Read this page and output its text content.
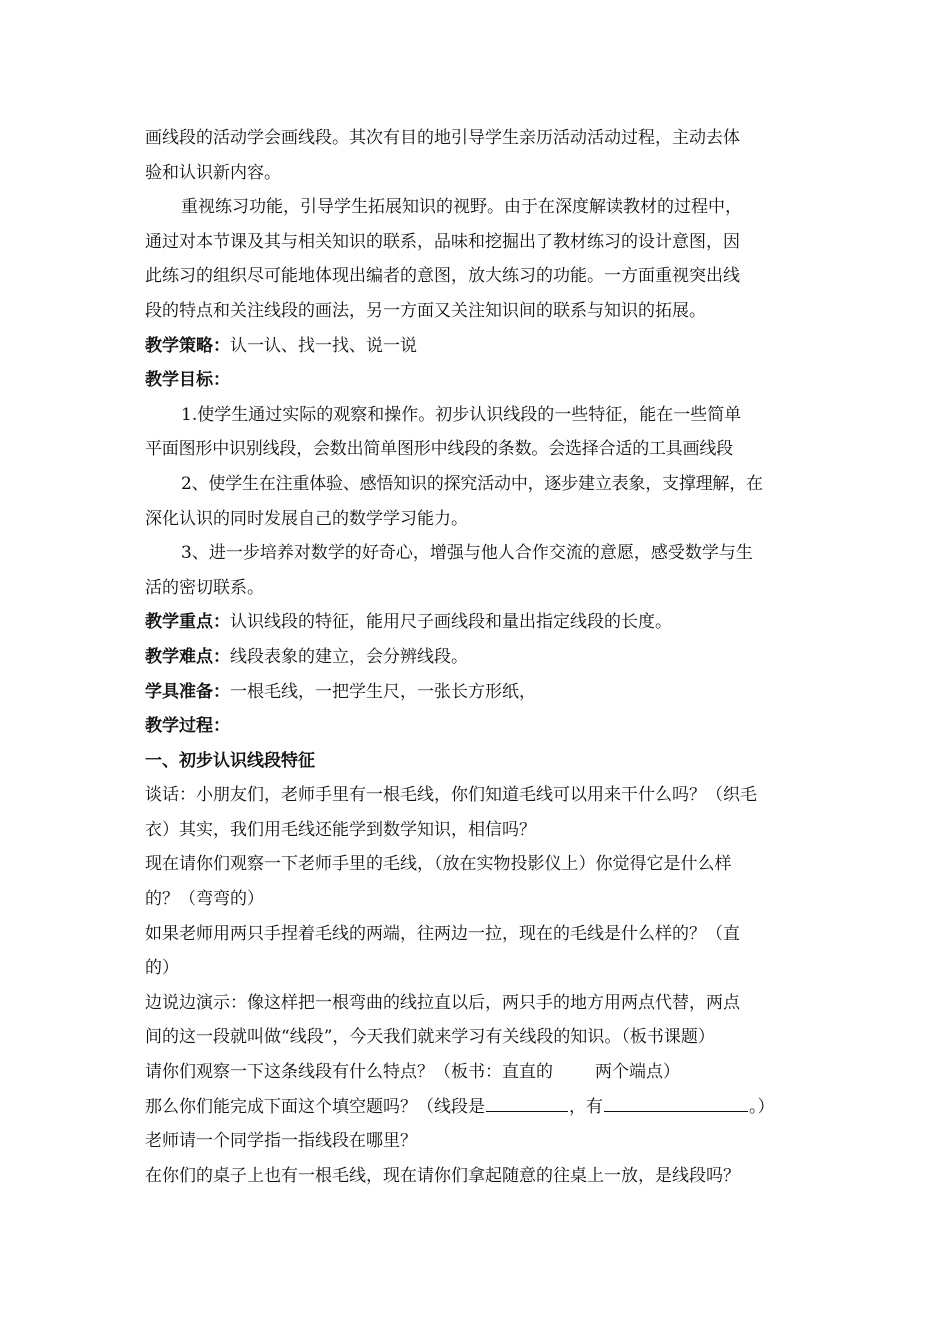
画线段的活动学会画线段。其次有目的地引导学生亲历活动活动过程，主动去体
验和认识新内容。
重视练习功能，引导学生拓展知识的视野。由于在深度解读教材的过程中，
通过对本节课及其与相关知识的联系，品味和挖掘出了教材练习的设计意图，因
此练习的组织尽可能地体现出编者的意图，放大练习的功能。一方面重视突出线
段的特点和关注线段的画法，另一方面又关注知识间的联系与知识的拓展。
教学策略：认一认、找一找、说一说
教学目标：
1.使学生通过实际的观察和操作。初步认识线段的一些特征，能在一些简单
平面图形中识别线段，会数出简单图形中线段的条数。会选择合适的工具画线段
2、使学生在注重体验、感悟知识的探究活动中，逐步建立表象，支撑理解，在
深化认识的同时发展自己的数学学习能力。
3、进一步培养对数学的好奇心，增强与他人合作交流的意愿，感受数学与生
活的密切联系。
教学重点：认识线段的特征，能用尺子画线段和量出指定线段的长度。
教学难点：线段表象的建立，会分辨线段。
学具准备：一根毛线，一把学生尺，一张长方形纸，
教学过程：
一、初步认识线段特征
谈话：小朋友们，老师手里有一根毛线，你们知道毛线可以用来干什么吗？（织毛
衣）其实，我们用毛线还能学到数学知识，相信吗？
现在请你们观察一下老师手里的毛线，（放在实物投影仪上）你觉得它是什么样
的？（弯弯的）
如果老师用两只手捏着毛线的两端，往两边一拉，现在的毛线是什么样的？（直
的）
边说边演示：像这样把一根弯曲的线拉直以后，两只手的地方用两点代替，两点
间的这一段就叫做“线段”，今天我们就来学习有关线段的知识。（板书课题）
请你们观察一下这条线段有什么特点？（板书：直直的 两个端点）
那么你们能完成下面这个填空题吗？（线段是	，有	。）
老师请一个同学指一指线段在哪里？
在你们的桌子上也有一根毛线，现在请你们拿起随意的往桌上一放，是线段吗？
